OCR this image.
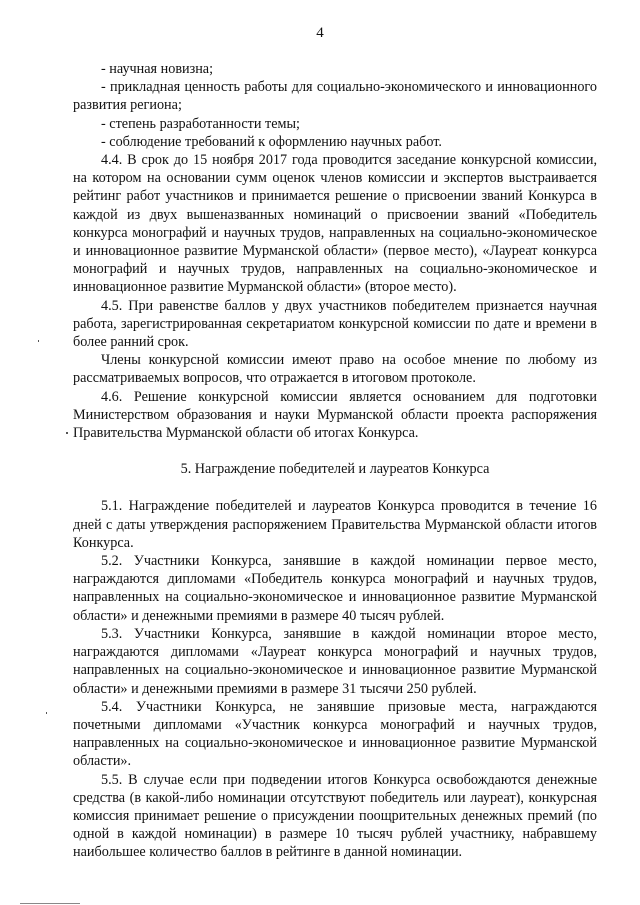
4

- научная новизна;

- прикладная ценность работы для социально-экономического и инновационного развития региона;

- степень разработанности темы;

- соблюдение требований к оформлению научных работ.

4.4. В срок до 15 ноября 2017 года проводится заседание конкурсной комиссии, на котором на основании сумм оценок членов комиссии и экспертов выстраивается рейтинг работ участников и принимается решение о присвоении званий Конкурса в каждой из двух вышеназванных номинаций о присвоении званий «Победитель конкурса монографий и научных трудов, направленных на социально-экономическое и инновационное развитие Мурманской области» (первое место), «Лауреат конкурса монографий и научных трудов, направленных на социально-экономическое и инновационное развитие Мурманской области» (второе место).

4.5. При равенстве баллов у двух участников победителем признается научная работа, зарегистрированная секретариатом конкурсной комиссии по дате и времени в более ранний срок.

Члены конкурсной комиссии имеют право на особое мнение по любому из рассматриваемых вопросов, что отражается в итоговом протоколе.

4.6. Решение конкурсной комиссии является основанием для подготовки Министерством образования и науки Мурманской области проекта распоряжения Правительства Мурманской области об итогах Конкурса.

5. Награждение победителей и лауреатов Конкурса

5.1. Награждение победителей и лауреатов Конкурса проводится в течение 16 дней с даты утверждения распоряжением Правительства Мурманской области итогов Конкурса.

5.2. Участники Конкурса, занявшие в каждой номинации первое место, награждаются дипломами «Победитель конкурса монографий и научных трудов, направленных на социально-экономическое и инновационное развитие Мурманской области» и денежными премиями в размере 40 тысяч рублей.

5.3. Участники Конкурса, занявшие в каждой номинации второе место, награждаются дипломами «Лауреат конкурса монографий и научных трудов, направленных на социально-экономическое и инновационное развитие Мурманской области» и денежными премиями в размере 31 тысячи 250 рублей.

5.4. Участники Конкурса, не занявшие призовые места, награждаются почетными дипломами «Участник конкурса монографий и научных трудов, направленных на социально-экономическое и инновационное развитие Мурманской области».

5.5. В случае если при подведении итогов Конкурса освобождаются денежные средства (в какой-либо номинации отсутствуют победитель или лауреат), конкурсная комиссия принимает решение о присуждении поощрительных денежных премий (по одной в каждой номинации) в размере 10 тысяч рублей участнику, набравшему наибольшее количество баллов в рейтинге в данной номинации.
